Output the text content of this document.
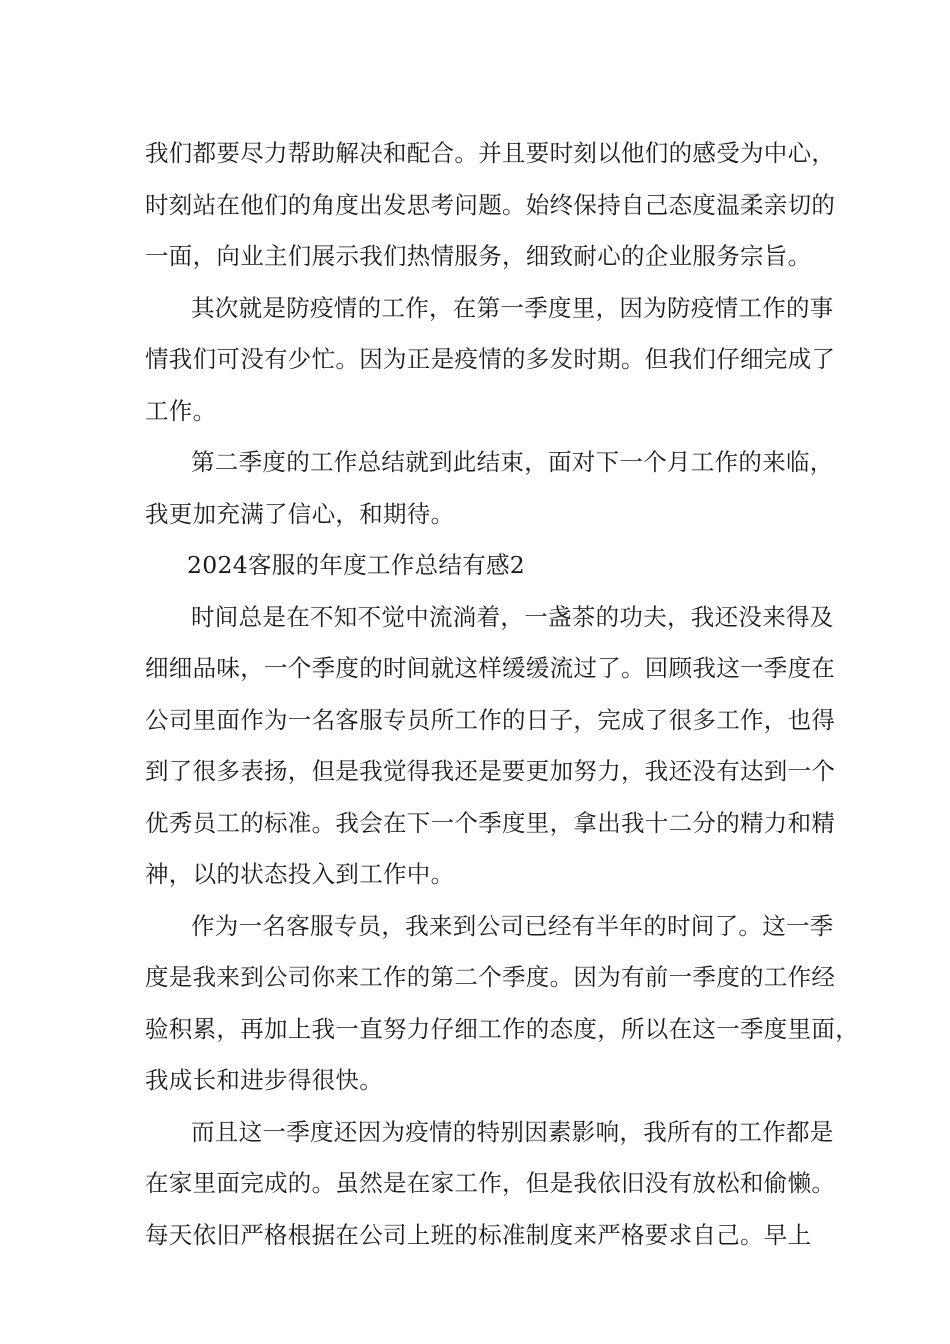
我们都要尽力帮助解决和配合。并且要时刻以他们的感受为中心，
时刻站在他们的角度出发思考问题。始终保持自己态度温柔亲切的
一面，向业主们展示我们热情服务，细致耐心的企业服务宗旨。
其次就是防疫情的工作，在第一季度里，因为防疫情工作的事
情我们可没有少忙。因为正是疫情的多发时期。但我们仔细完成了
工作。
第二季度的工作总结就到此结束，面对下一个月工作的来临，
我更加充满了信心，和期待。
2024客服的年度工作总结有感2
时间总是在不知不觉中流淌着，一盏茶的功夫，我还没来得及
细细品味，一个季度的时间就这样缓缓流过了。回顾我这一季度在
公司里面作为一名客服专员所工作的日子，完成了很多工作，也得
到了很多表扬，但是我觉得我还是要更加努力，我还没有达到一个
优秀员工的标准。我会在下一个季度里，拿出我十二分的精力和精
神，以的状态投入到工作中。
作为一名客服专员，我来到公司已经有半年的时间了。这一季
度是我来到公司你来工作的第二个季度。因为有前一季度的工作经
验积累，再加上我一直努力仔细工作的态度，所以在这一季度里面，
我成长和进步得很快。
而且这一季度还因为疫情的特别因素影响，我所有的工作都是
在家里面完成的。虽然是在家工作，但是我依旧没有放松和偷懒。
每天依旧严格根据在公司上班的标准制度来严格要求自己。早上
